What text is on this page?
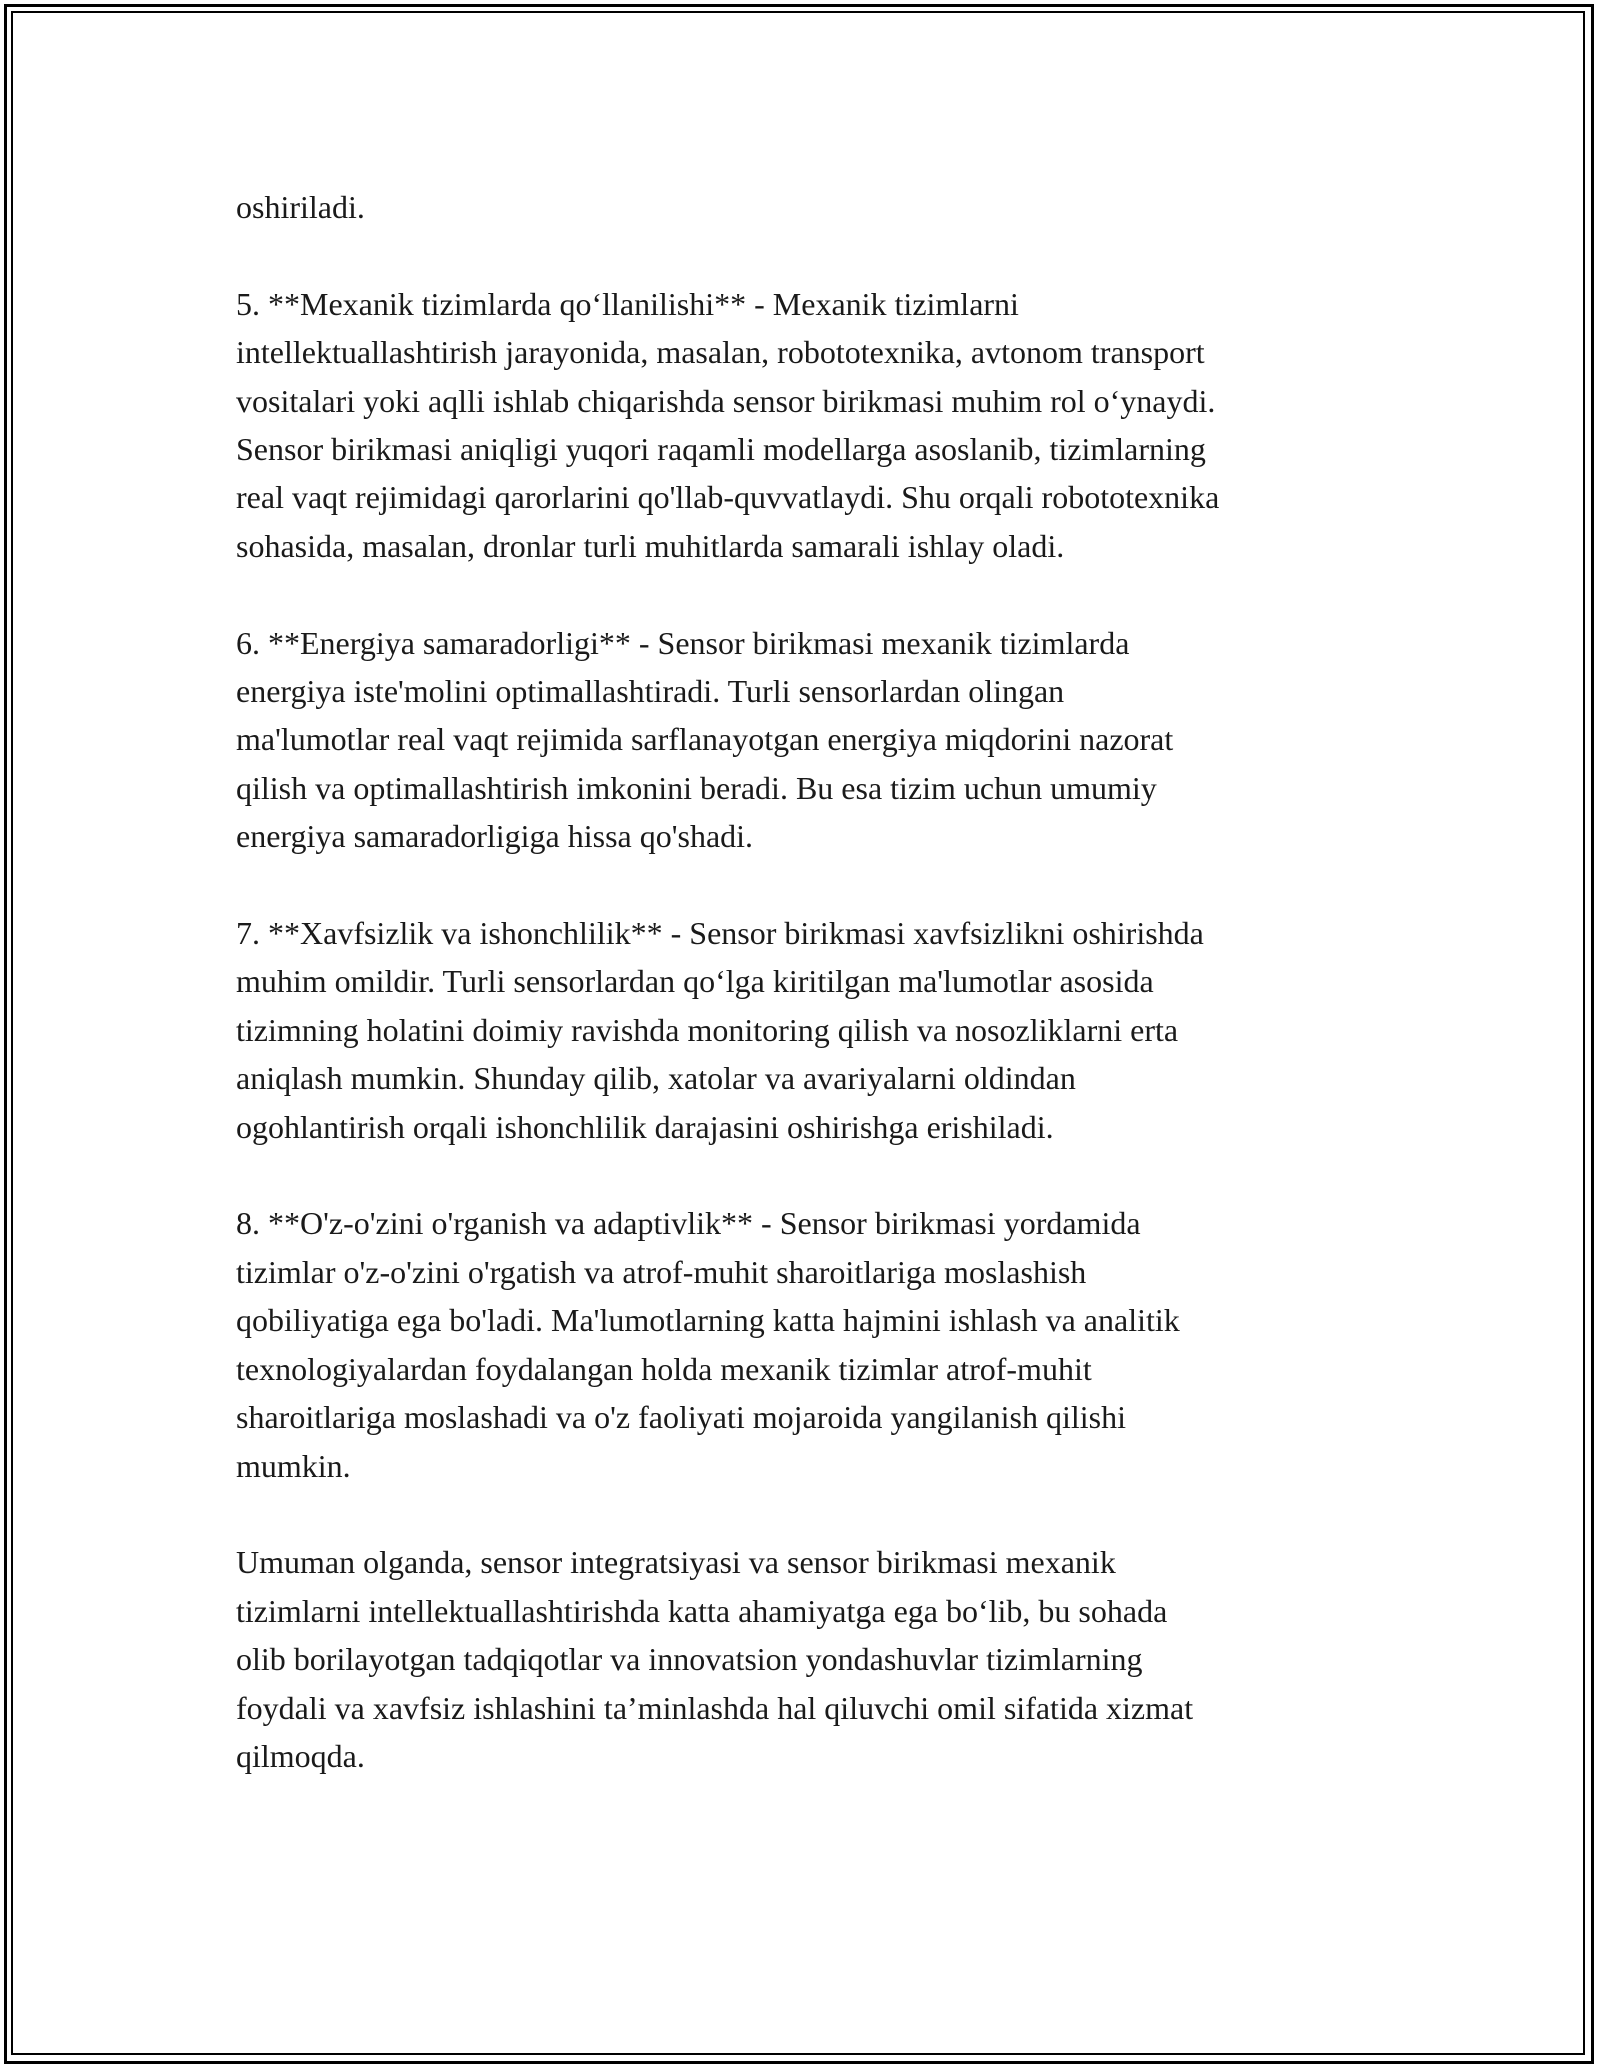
oshiriladi.

5. **Mexanik tizimlarda qo‘llanilishi** - Mexanik tizimlarni
intellektuallashtirish jarayonida, masalan, robototexnika, avtonom transport
vositalari yoki aqlli ishlab chiqarishda sensor birikmasi muhim rol o‘ynaydi.
Sensor birikmasi aniqligi yuqori raqamli modellarga asoslanib, tizimlarning
real vaqt rejimidagi qarorlarini qo'llab-quvvatlaydi. Shu orqali robototexnika
sohasida, masalan, dronlar turli muhitlarda samarali ishlay oladi.

6. **Energiya samaradorligi** - Sensor birikmasi mexanik tizimlarda
energiya iste'molini optimallashtiradi. Turli sensorlardan olingan
ma'lumotlar real vaqt rejimida sarflanayotgan energiya miqdorini nazorat
qilish va optimallashtirish imkonini beradi. Bu esa tizim uchun umumiy
energiya samaradorligiga hissa qo'shadi.

7. **Xavfsizlik va ishonchlilik** - Sensor birikmasi xavfsizlikni oshirishda
muhim omildir. Turli sensorlardan qo‘lga kiritilgan ma'lumotlar asosida
tizimning holatini doimiy ravishda monitoring qilish va nosozliklarni erta
aniqlash mumkin. Shunday qilib, xatolar va avariyalarni oldindan
ogohlantirish orqali ishonchlilik darajasini oshirishga erishiladi.

8. **O'z-o'zini o'rganish va adaptivlik** - Sensor birikmasi yordamida
tizimlar o'z-o'zini o'rgatish va atrof-muhit sharoitlariga moslashish
qobiliyatiga ega bo'ladi. Ma'lumotlarning katta hajmini ishlash va analitik
texnologiyalardan foydalangan holda mexanik tizimlar atrof-muhit
sharoitlariga moslashadi va o'z faoliyati mojaroida yangilanish qilishi
mumkin.

Umuman olganda, sensor integratsiyasi va sensor birikmasi mexanik
tizimlarni intellektuallashtirishda katta ahamiyatga ega bo‘lib, bu sohada
olib borilayotgan tadqiqotlar va innovatsion yondashuvlar tizimlarning
foydali va xavfsiz ishlashini ta’minlashda hal qiluvchi omil sifatida xizmat
qilmoqda.
